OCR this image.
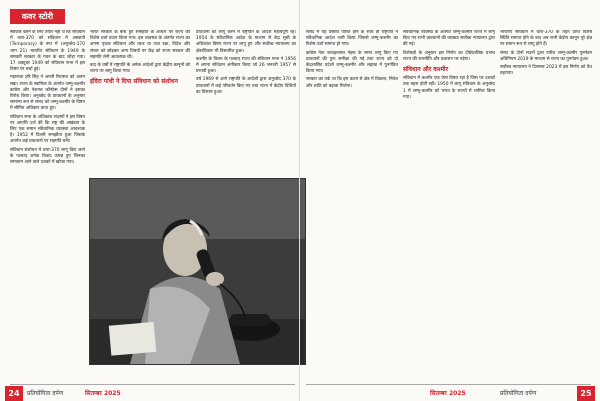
कवर स्टोरी

स्वीकार करने के लिए तैयार नहीं थे कि संविधान में धारा-370 को संविधान में अस्थायी (Temporary) के रूप में (अनुच्छेद-370 भाग 21) भारतीय संविधान के 1949 के समवर्ती सरकार के गठन के बाद जोड़ा गया। 17 अक्टूबर 1949 को संविधान सभा में इस विषय पर चर्चा हुई।

महाराजा हरि सिंह ने अपनी रियासत को अलग रखा। राज्य के स्वामित्व के अंतर्गत जम्मू-कश्मीर कांग्रेस और नेशनल कॉन्फ्रेंस दोनों ने इसका विरोध किया। अनुच्छेद के प्रावधानों के अनुसार सामान्य रूप से संसद को जम्मू-कश्मीर के विषय में सीमित अधिकार प्राप्त हुए।

संविधान सभा के अधिकांश सदस्यों ने इस विषय पर आपत्ति दर्ज की कि राष्ट्र की अखंडता के लिए एक समान संवैधानिक व्यवस्था आवश्यक है। 1952 में दिल्ली समझौता हुआ जिसके अंतर्गत कई प्रावधानों पर सहमति बनी।

संविधान संशोधन में धारा-370 लागू किए जाने के पश्चात् अनेक विवाद उत्पन्न हुए जिनका समाधान आने वाले दशकों में खोजा गया।

भारत सरकार के बीच हुए समझौते के आधार पर राज्य को विशेष दर्जा प्रदान किया गया। इस व्यवस्था के अंतर्गत राज्य का अपना पृथक संविधान और ध्वज था तथा रक्षा, विदेश और संचार को छोड़कर अन्य विषयों पर केंद्र को राज्य सरकार की सहमति लेनी आवश्यक थी।

बाद के वर्षों में राष्ट्रपति के अनेक आदेशों द्वारा केंद्रीय कानूनों को राज्य पर लागू किया गया।

इंदिरा गांधी ने दिया संविधान को संशोधन

प्रावधानों को लागू करने में राष्ट्रपति के आदेश महत्वपूर्ण रहे। 1954 के संवैधानिक आदेश के माध्यम से केंद्र सूची के अधिकांश विषय राज्य पर लागू हुए और सर्वोच्च न्यायालय का क्षेत्राधिकार भी विस्तारित हुआ।

कश्मीर के विलय के पश्चात् राज्य की संविधान सभा ने 1956 में अपना संविधान अंगीकार किया जो 26 जनवरी 1957 से प्रभावी हुआ।

वर्ष 1969 से आगे राष्ट्रपति के आदेशों द्वारा अनुच्छेद 370 के प्रावधानों में कई परिवर्तन किए गए तथा राज्य में केंद्रीय विधियों का विस्तार हुआ।

24	प्रतियोगिता दर्पण	सितम्बर 2025

संसद में यह प्रस्ताव पारित होने के साथ ही राष्ट्रपति ने संवैधानिक आदेश जारी किया जिससे जम्मू-कश्मीर का विशेष दर्जा समाप्त हो गया।

कांग्रेस नेता जवाहरलाल नेहरू के समय लागू किए गए प्रावधानों की पुनः समीक्षा की गई तथा राज्य को दो केंद्रशासित प्रदेशों जम्मू-कश्मीर और लद्दाख में पुनर्गठित किया गया।

सरकार का तर्क था कि इस कदम से क्षेत्र में विकास, निवेश और शांति को बढ़ावा मिलेगा।

संवैधानिक व्यवस्था के अंतर्गत जम्मू-कश्मीर राज्य में लागू किए गए सभी प्रावधानों की व्याख्या सर्वोच्च न्यायालय द्वारा की गई।

विशेषज्ञों के अनुसार इस निर्णय का दीर्घकालिक प्रभाव राज्य की राजनीति और प्रशासन पर पड़ेगा।

संविधान और कश्मीर

संविधान में कश्मीर एक ऐसा विषय रहा है जिस पर दशकों तक बहस होती रही। 1950 में लागू संविधान के अनुच्छेद 1 में जम्मू-कश्मीर को भारत के राज्यों में शामिल किया गया।

भारतीय संविधान में धारा-370 के तहत प्राप्त विशेष स्थिति समाप्त होने के बाद अब सभी केंद्रीय कानून पूरे क्षेत्र पर समान रूप से लागू होते हैं।

संसद के दोनों सदनों द्वारा पारित जम्मू-कश्मीर पुनर्गठन अधिनियम 2019 के माध्यम से राज्य का पुनर्गठन हुआ।

सर्वोच्च न्यायालय ने दिसम्बर 2023 में इस निर्णय को वैध ठहराया।

सितम्बर 2025	प्रतियोगिता दर्पण	25
